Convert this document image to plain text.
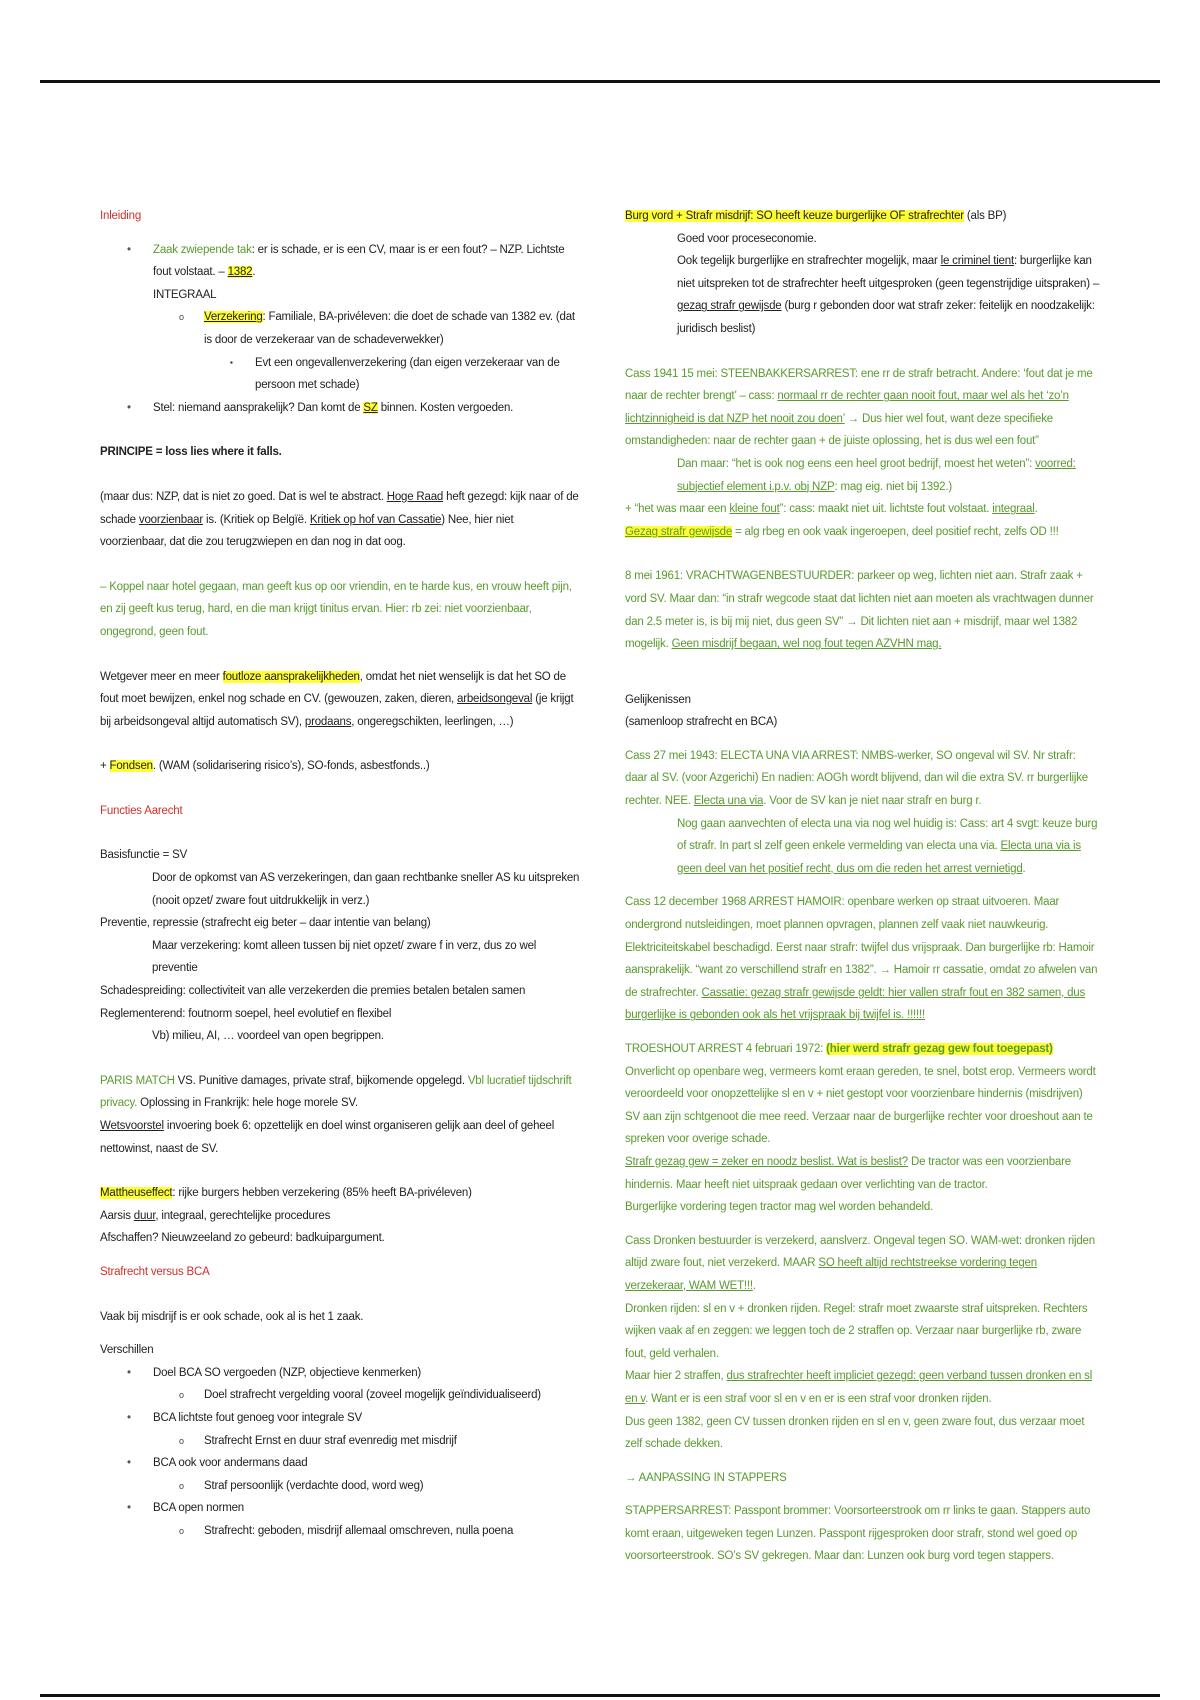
Inleiding

• Zaak zwiepende tak: er is schade, er is een CV, maar is er een fout? – NZP. Lichtste fout volstaat. – 1382.
INTEGRAAL

o Verzekering: Familiale, BA-privéleven: die doet de schade van 1382 ev. (dat is door de verzekeraar van de schadeverwekker)

▪ Evt een ongevallenverzekering (dan eigen verzekeraar van de persoon met schade)

• Stel: niemand aansprakelijk? Dan komt de SZ binnen. Kosten vergoeden.

PRINCIPE = loss lies where it falls.

(maar dus: NZP, dat is niet zo goed. Dat is wel te abstract. Hoge Raad heft gezegd: kijk naar of de schade voorzienbaar is. (Kritiek op Belgïë. Kritiek op hof van Cassatie) Nee, hier niet voorzienbaar, dat die zou terugzwiepen en dan nog in dat oog.

– Koppel naar hotel gegaan, man geeft kus op oor vriendin, en te harde kus, en vrouw heeft pijn, en zij geeft kus terug, hard, en die man krijgt tinitus ervan. Hier: rb zei: niet voorzienbaar, ongegrond, geen fout.

Wetgever meer en meer foutloze aansprakelijkheden, omdat het niet wenselijk is dat het SO de fout moet bewijzen, enkel nog schade en CV. (gewouzen, zaken, dieren, arbeidsongeval (je krijgt bij arbeidsongeval altijd automatisch SV), prodaans, ongeregschikten, leerlingen, …)

+ Fondsen. (WAM (solidarisering risico’s), SO-fonds, asbestfonds..)

Functies Aarecht

Basisfunctie = SV

Door de opkomst van AS verzekeringen, dan gaan rechtbanke sneller AS ku uitspreken (nooit opzet/ zware fout uitdrukkelijk in verz.)

Preventie, repressie (strafrecht eig beter – daar intentie van belang)

Maar verzekering: komt alleen tussen bij niet opzet/ zware f in verz, dus zo wel preventie

Schadespreiding: collectiviteit van alle verzekerden die premies betalen betalen samen

Reglementerend: foutnorm soepel, heel evolutief en flexibel

Vb) milieu, AI, … voordeel van open begrippen.

PARIS MATCH VS. Punitive damages, private straf, bijkomende opgelegd. Vbl lucratief tijdschrift privacy. Oplossing in Frankrijk: hele hoge morele SV.
Wetsvoorstel invoering boek 6: opzettelijk en doel winst organiseren gelijk aan deel of geheel nettowinst, naast de SV.

Mattheuseffect: rijke burgers hebben verzekering (85% heeft BA-privéleven)

Aarsis duur, integraal, gerechtelijke procedures

Afschaffen? Nieuwzeeland zo gebeurd: badkuipargument.

Strafrecht versus BCA

Vaak bij misdrijf is er ook schade, ook al is het 1 zaak.

Verschillen

• Doel BCA SO vergoeden (NZP, objectieve kenmerken)

o Doel strafrecht vergelding vooral (zoveel mogelijk geïndividualiseerd)

• BCA lichtste fout genoeg voor integrale SV

o Strafrecht Ernst en duur straf evenredig met misdrijf

• BCA ook voor andermans daad

o Straf persoonlijk (verdachte dood, word weg)

• BCA open normen

o Strafrecht: geboden, misdrijf allemaal omschreven, nulla poena

Burg vord + Strafr misdrijf: SO heeft keuze burgerlijke OF strafrechter (als BP)

Goed voor proceseconomie.

Ook tegelijk burgerlijke en strafrechter mogelijk, maar le criminel tient: burgerlijke kan niet uitspreken tot de strafrechter heeft uitgesproken (geen tegenstrijdige uitspraken) – gezag strafr gewijsde (burg r gebonden door wat strafr zeker: feitelijk en noodzakelijk: juridisch beslist)

Cass 1941 15 mei: STEENBAKKERSARREST: ene rr de strafr betracht. Andere: ‘fout dat je me naar de rechter brengt’ – cass: normaal rr de rechter gaan nooit fout, maar wel als het ‘zo’n lichtzinnigheid is dat NZP het nooit zou doen’ → Dus hier wel fout, want deze specifieke omstandigheden: naar de rechter gaan + de juiste oplossing, het is dus wel een fout”

Dan maar: “het is ook nog eens een heel groot bedrijf, moest het weten”: voorred: subjectief element i.p.v. obj NZP: mag eig. niet bij 1392.)

+ “het was maar een kleine fout”: cass: maakt niet uit. lichtste fout volstaat. integraal.

Gezag strafr gewijsde = alg rbeg en ook vaak ingeroepen, deel positief recht, zelfs OD !!!

8 mei 1961: VRACHTWAGENBESTUURDER: parkeer op weg, lichten niet aan. Strafr zaak + vord SV. Maar dan: “in strafr wegcode staat dat lichten niet aan moeten als vrachtwagen dunner dan 2.5 meter is, is bij mij niet, dus geen SV” → Dit lichten niet aan + misdrijf, maar wel 1382 mogelijk. Geen misdrijf begaan, wel nog fout tegen AZVHN mag.

Gelijkenissen

(samenloop strafrecht en BCA)

Cass 27 mei 1943: ELECTA UNA VIA ARREST: NMBS-werker, SO ongeval wil SV. Nr strafr: daar al SV. (voor Azgerichi) En nadien: AOGh wordt blijvend, dan wil die extra SV. rr burgerlijke rechter. NEE. Electa una via. Voor de SV kan je niet naar strafr en burg r.

Nog gaan aanvechten of electa una via nog wel huidig is: Cass: art 4 svgt: keuze burg of strafr. In part sl zelf geen enkele vermelding van electa una via. Electa una via is geen deel van het positief recht, dus om die reden het arrest vernietigd.

Cass 12 december 1968 ARREST HAMOIR: openbare werken op straat uitvoeren. Maar ondergrond nutsleidingen, moet plannen opvragen, plannen zelf vaak niet nauwkeurig. Elektriciteitskabel beschadigd. Eerst naar strafr: twijfel dus vrijspraak. Dan burgerlijke rb: Hamoir aansprakelijk. “want zo verschillend strafr en 1382”. → Hamoir rr cassatie, omdat zo afwelen van de strafrechter. Cassatie: gezag strafr gewijsde geldt: hier vallen strafr fout en 382 samen, dus burgerlijke is gebonden ook als het vrijspraak bij twijfel is. !!!!!!

TROESHOUT ARREST 4 februari 1972: (hier werd strafr gezag gew fout toegepast) Onverlicht op openbare weg, vermeers komt eraan gereden, te snel, botst erop. Vermeers wordt veroordeeld voor onopzettelijke sl en v + niet gestopt voor voorzienbare hindernis (misdrijven) SV aan zijn schtgenoot die mee reed. Verzaar naar de burgerlijke rechter voor droeshout aan te spreken voor overige schade.

Strafr gezag gew = zeker en noodz beslist. Wat is beslist? De tractor was een voorzienbare hindernis. Maar heeft niet uitspraak gedaan over verlichting van de tractor.

Burgerlijke vordering tegen tractor mag wel worden behandeld.

Cass Dronken bestuurder is verzekerd, aanslverz. Ongeval tegen SO. WAM-wet: dronken rijden altijd zware fout, niet verzekerd. MAAR SO heeft altijd rechtstreekse vordering tegen verzekeraar, WAM WET!!!.

Dronken rijden: sl en v + dronken rijden. Regel: strafr moet zwaarste straf uitspreken. Rechters wijken vaak af en zeggen: we leggen toch de 2 straffen op. Verzaar naar burgerlijke rb, zware fout, geld verhalen.

Maar hier 2 straffen, dus strafrechter heeft impliciet gezegd: geen verband tussen dronken en sl en v. Want er is een straf voor sl en v en er is een straf voor dronken rijden.

Dus geen 1382, geen CV tussen dronken rijden en sl en v, geen zware fout, dus verzaar moet zelf schade dekken.

→ AANPASSING IN STAPPERS

STAPPERSARREST: Passpont brommer: Voorsorteerstrook om rr links te gaan. Stappers auto komt eraan, uitgeweken tegen Lunzen. Passpont rijgesproken door strafr, stond wel goed op voorsorteerstrook. SO’s SV gekregen. Maar dan: Lunzen ook burg vord tegen stappers.
